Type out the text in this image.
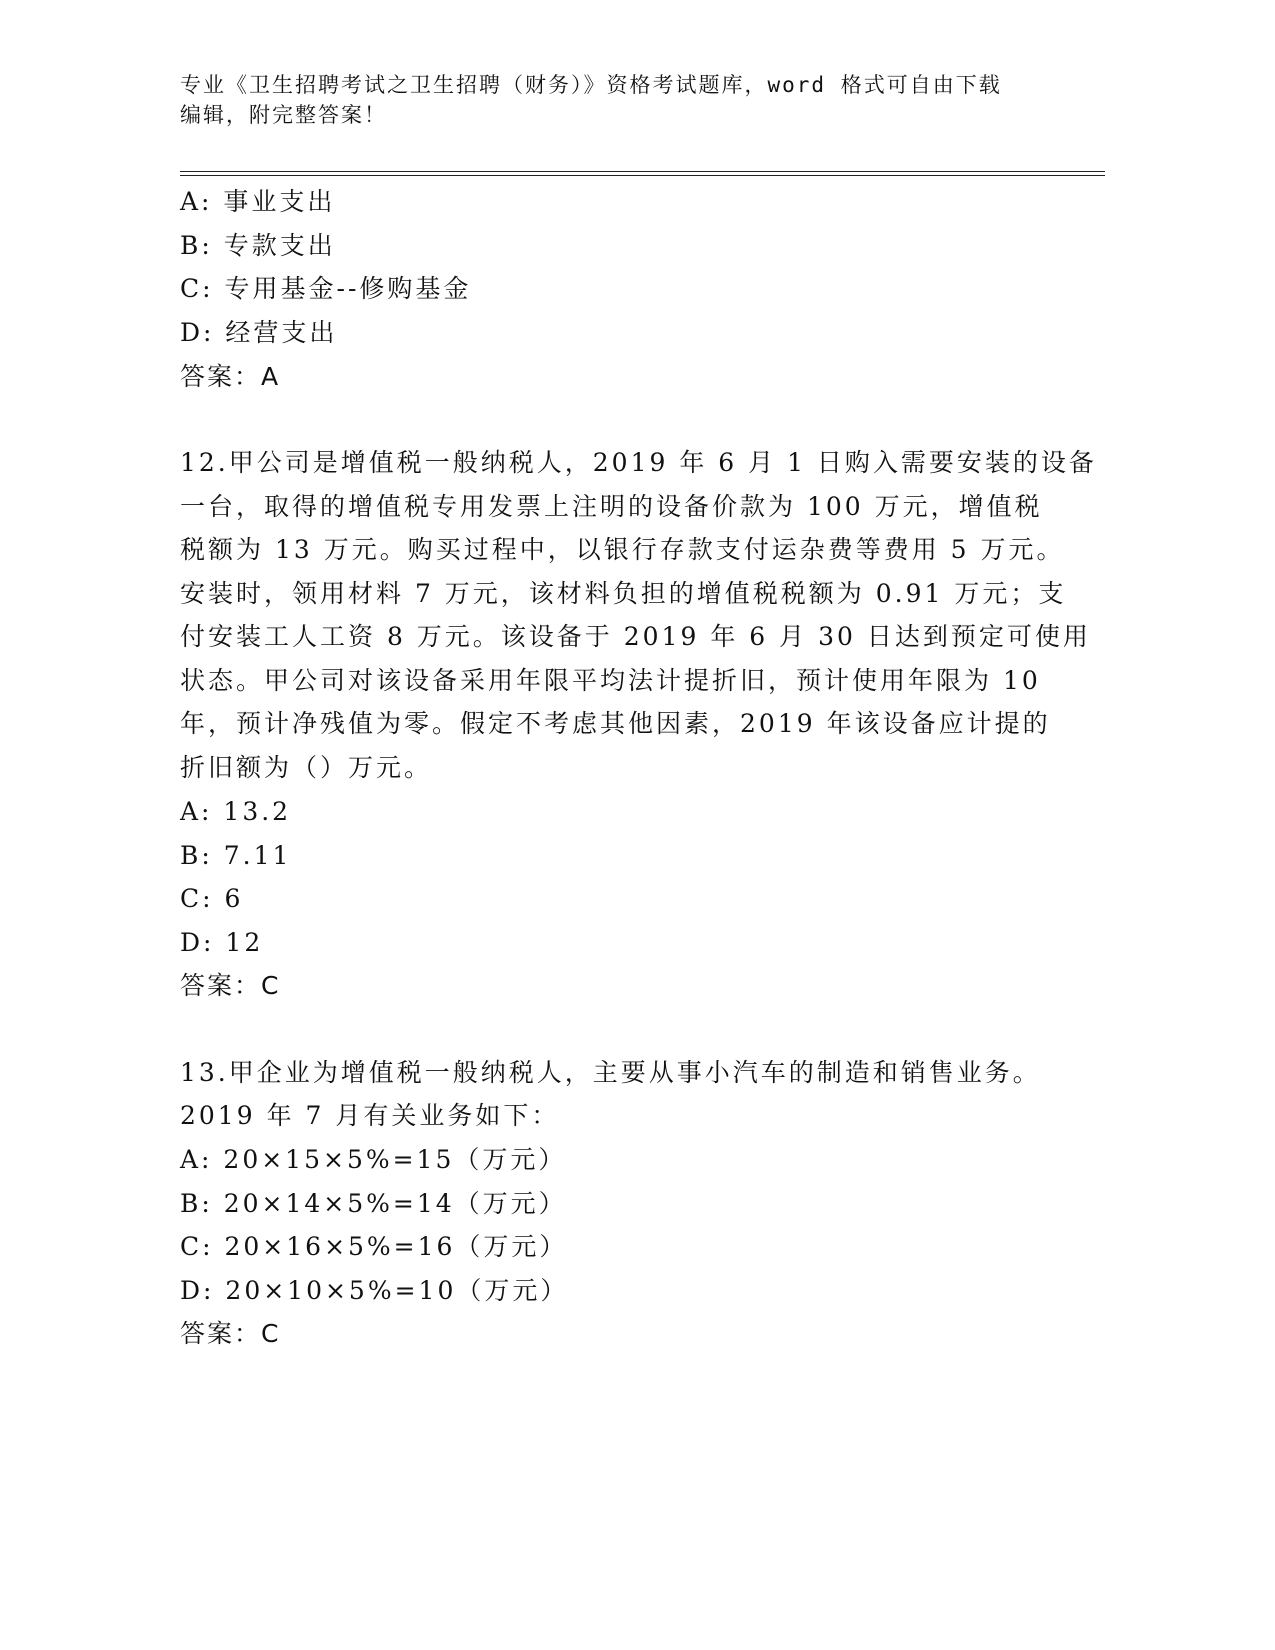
专业《卫生招聘考试之卫生招聘（财务）》资格考试题库，word 格式可自由下载
编辑，附完整答案！
A: 事业支出
B: 专款支出
C: 专用基金--修购基金
D: 经营支出
答案：A
12.甲公司是增值税一般纳税人，2019 年 6 月 1 日购入需要安装的设备
一台，取得的增值税专用发票上注明的设备价款为 100 万元，增值税
税额为 13 万元。购买过程中，以银行存款支付运杂费等费用 5 万元。
安装时，领用材料 7 万元，该材料负担的增值税税额为 0.91 万元；支
付安装工人工资 8 万元。该设备于 2019 年 6 月 30 日达到预定可使用
状态。甲公司对该设备采用年限平均法计提折旧，预计使用年限为 10
年，预计净残值为零。假定不考虑其他因素，2019 年该设备应计提的
折旧额为（）万元。
A: 13.2
B: 7.11
C: 6
D: 12
答案：C
13.甲企业为增值税一般纳税人，主要从事小汽车的制造和销售业务。
2019 年 7 月有关业务如下：
A: 20×15×5%=15（万元）
B: 20×14×5%=14（万元）
C: 20×16×5%=16（万元）
D: 20×10×5%=10（万元）
答案：C
